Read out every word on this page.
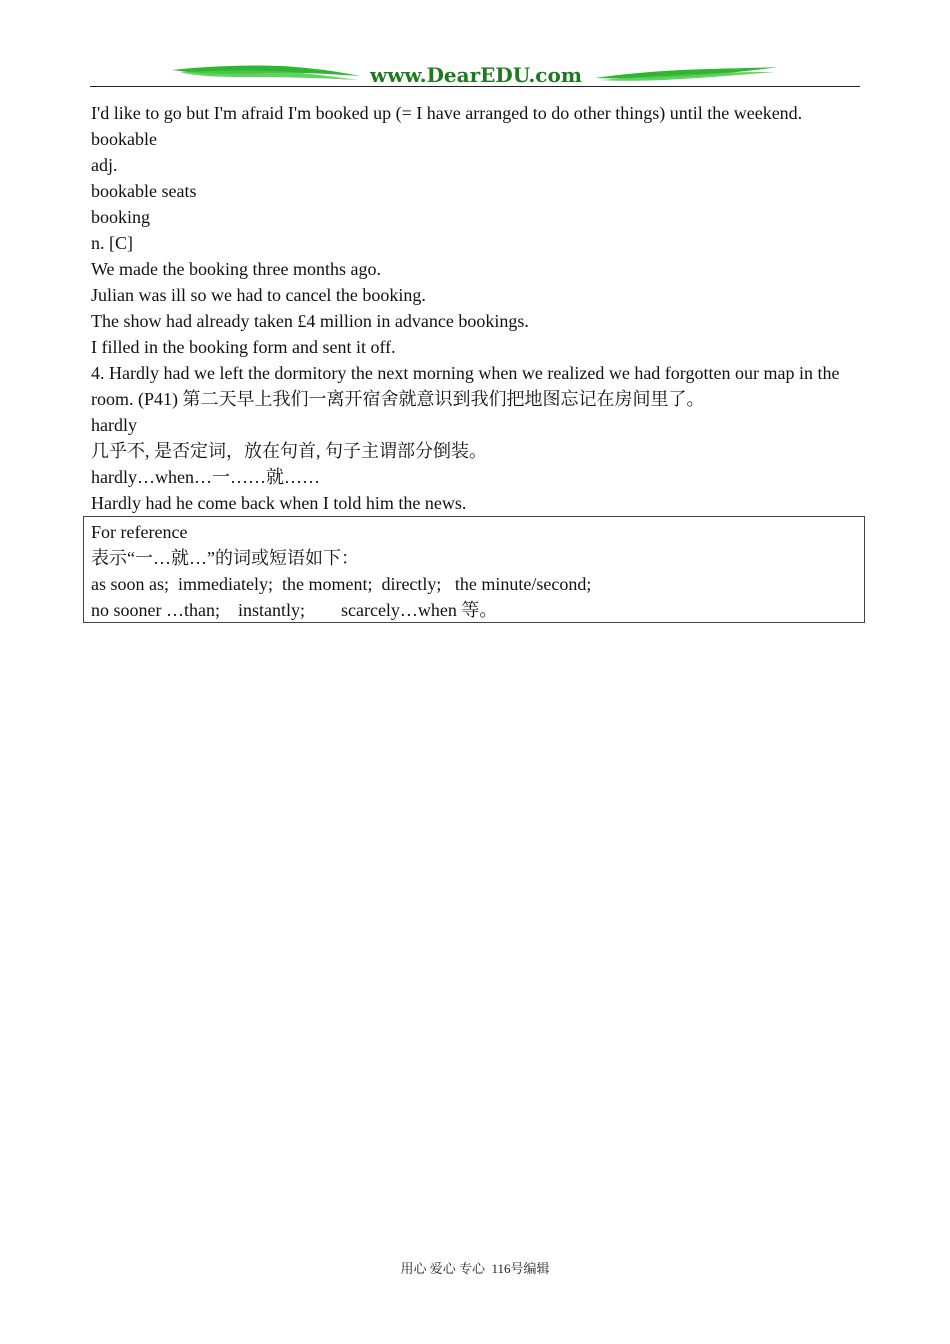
www.DearEDU.com

I'd like to go but I'm afraid I'm booked up (= I have arranged to do other things) until the weekend.

bookable

adj.

bookable seats

booking

n. [C]

We made the booking three months ago.

Julian was ill so we had to cancel the booking.

The show had already taken £4 million in advance bookings.

I filled in the booking form and sent it off.

4. Hardly had we left the dormitory the next morning when we realized we had forgotten our map in the room. (P41) 第二天早上我们一离开宿舍就意识到我们把地图忘记在房间里了。

hardly

几乎不, 是否定词，放在句首, 句子主谓部分倒装。

hardly…when…一……就……

Hardly had he come back when I told him the news.

For reference

表示“一…就…”的词或短语如下：

as soon as;  immediately;  the moment;  directly;   the minute/second;

no sooner …than;    instantly;        scarcely…when 等。

用心 爱心 专心  116号编辑
